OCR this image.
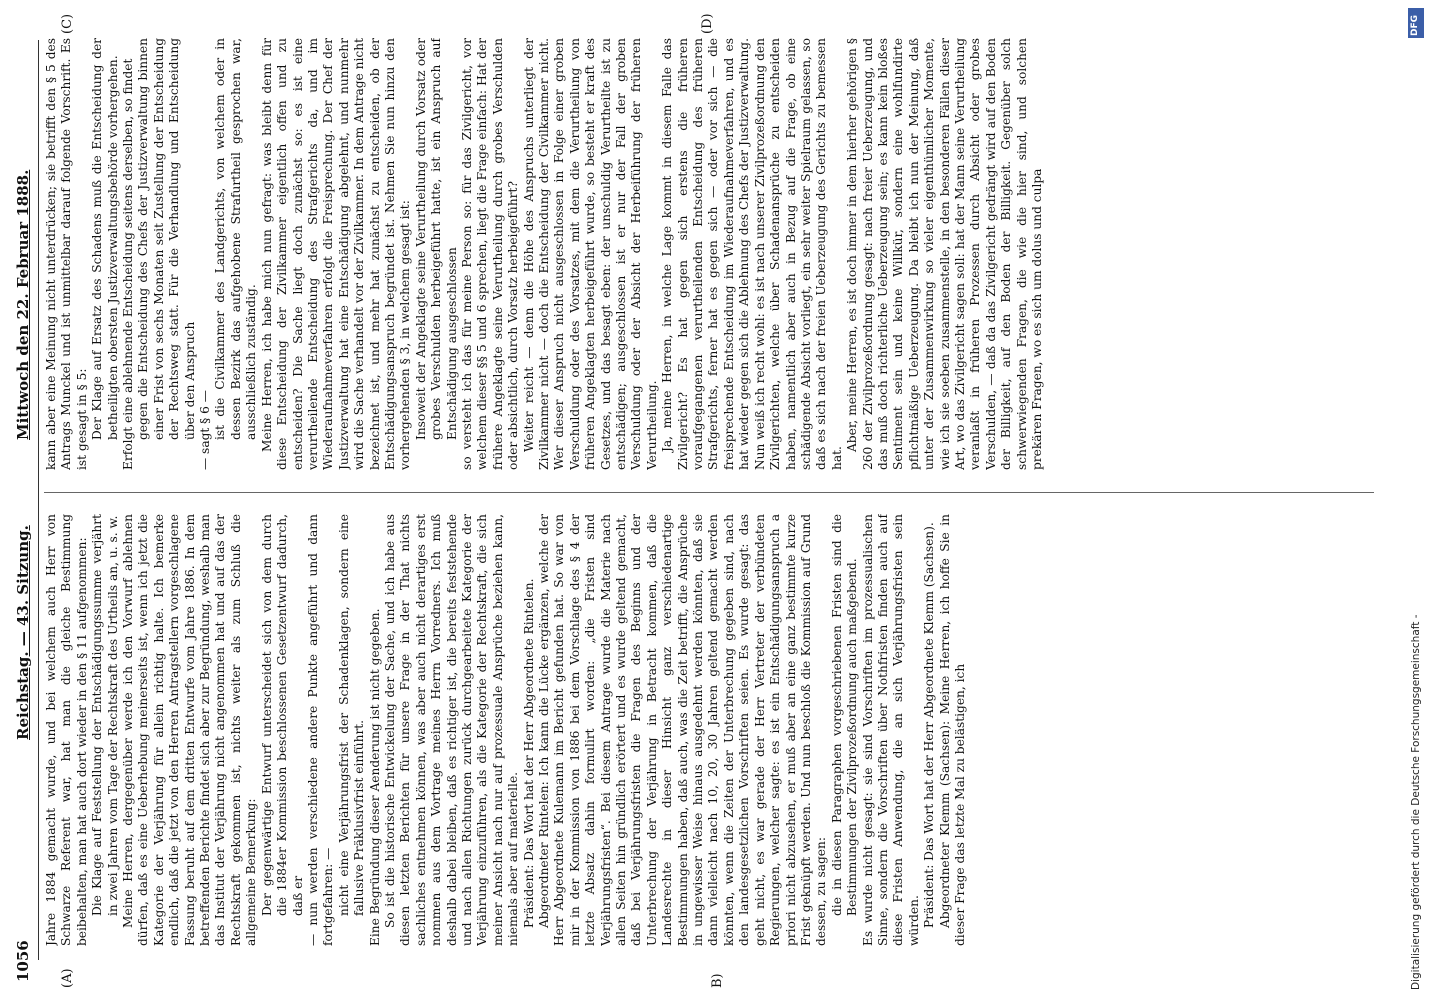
1056
Reichstag. — 43. Sitzung.
Mittwoch den 22. Februar 1888.
(A)	B)
(C)	(D)

Jahre 1884 gemacht wurde, und bei welchem auch Herr von Schwarze Referent war, hat man die gleiche Bestimmung beibehalten, man hat auch dort wieder in den § 11 aufgenommen: Die Klage auf Feststellung der Entschädigungssumme verjährt in zwei Jahren vom Tage der Rechtskraft des Urtheils an, u. s. w. Meine Herren, dergegenüber werde ich den Vorwurf ablehnen dürfen, daß es eine Ueberhebung meinerseits ist, wenn ich jetzt die Kategorie der Verjährung für allein richtig halte. Ich bemerke endlich, daß die jetzt von den Herren Antragstellern vorgeschlagene Fassung beruht auf dem dritten Entwurfe vom Jahre 1886. In dem betreffenden Berichte findet sich aber zur Begründung, weshalb man das Institut der Verjährung nicht angenommen hat und auf das der Rechtskraft gekommen ist, nichts weiter als zum Schluß die allgemeine Bemerkung: Der gegenwärtige Entwurf unterscheidet sich von dem durch die 1884er Kommission beschlossenen Gesetzentwurf dadurch, daß er — nun werden verschiedene andere Punkte angeführt und dann fortgefahren: — nicht eine Verjährungsfrist der Schadenklagen, sondern eine fallusive Präklusivfrist einführt. Eine Begründung dieser Aenderung ist nicht gegeben. So ist die historische Entwickelung der Sache, und ich habe aus diesen letzten Berichten für unsere Frage in der That nichts sachliches entnehmen können, was aber auch nicht derartiges erst nommen aus dem Vortrage meines Herrn Vorredners. Ich muß deshalb dabei bleiben, daß es richtiger ist, die bereits feststehende und nach allen Richtungen zurück durchgearbeitete Kategorie der Verjährung einzuführen, als die Kategorie der Rechtskraft, die sich meiner Ansicht nach nur auf prozessuale Ansprüche beziehen kann, niemals aber auf materielle. Präsident: Das Wort hat der Herr Abgeordnete Rintelen. Abgeordneter Rintelen: Ich kann die Lücke ergänzen, welche der Herr Abgeordnete Kulemann im Bericht gefunden hat. So war von mir in der Kommission von 1886 bei dem Vorschlage des § 4 der letzte Absatz dahin formulirt worden: „die Fristen sind Verjährungsfristen“. Bei diesem Antrage wurde die Materie nach allen Seiten hin gründlich erörtert und es wurde geltend gemacht, daß bei Verjährungsfristen die Fragen des Beginns und der Unterbrechung der Verjährung in Betracht kommen, daß die Landesrechte in dieser Hinsicht ganz verschiedenartige Bestimmungen haben, daß auch, was die Zeit betrifft, die Ansprüche in ungewisser Weise hinaus ausgedehnt werden könnten, daß sie dann vielleicht nach 10, 20, 30 Jahren geltend gemacht werden könnten, wenn die Zeiten der Unterbrechung gegeben sind, nach den landesgesetzlichen Vorschriften seien. Es wurde gesagt: das geht nicht, es war gerade der Herr Vertreter der verbündeten Regierungen, welcher sagte: es ist ein Entschädigungsanspruch a priori nicht abzusehen, er muß aber an eine ganz bestimmte kurze Frist geknüpft werden. Und nun beschloß die Kommission auf Grund dessen, zu sagen: die in diesen Paragraphen vorgeschriebenen Fristen sind die Bestimmungen der Zivilprozeßordnung auch maßgebend. Es wurde nicht gesagt: sie sind Vorschriften im prozessualischen Sinne, sondern die Vorschriften über Nothfristen finden auch auf diese Fristen Anwendung, die an sich Verjährungsfristen sein würden. Präsident: Das Wort hat der Herr Abgeordnete Klemm (Sachsen). Abgeordneter Klemm (Sachsen): Meine Herren, ich hoffe Sie in dieser Frage das letzte Mal zu belästigen, ich

kann aber eine Meinung nicht unterdrücken; sie betrifft den § 5 des Antrags Munckel und ist unmittelbar darauf folgende Vorschrift. Es ist gesagt in § 5: Der Klage auf Ersatz des Schadens muß die Entscheidung der betheiligten obersten Justizverwaltungsbehörde vorhergehen. Erfolgt eine ablehnende Entscheidung seitens derselben, so findet gegen die Entscheidung des Chefs der Justizverwaltung binnen einer Frist von sechs Monaten seit Zustellung der Entscheidung der Rechtsweg statt. Für die Verhandlung und Entscheidung über den Anspruch — sagt § 6 — ist die Civilkammer des Landgerichts, von welchem oder in dessen Bezirk das aufgehobene Strafurtheil gesprochen war, ausschließlich zuständig. Meine Herren, ich habe mich nun gefragt: was bleibt denn für diese Entscheidung der Zivilkammer eigentlich offen und zu entscheiden? Die Sache liegt doch zunächst so: es ist eine verurtheilende Entscheidung des Strafgerichts da, und im Wiederaufnahmeverfahren erfolgt die Freisprechung. Der Chef der Justizverwaltung hat eine Entschädigung abgelehnt, und nunmehr wird die Sache verhandelt vor der Zivilkammer. In dem Antrage nicht bezeichnet ist, und mehr hat zunächst zu entscheiden, ob der Entschädigungsanspruch begründet ist. Nehmen Sie nun hinzu den vorhergehenden § 3, in welchem gesagt ist: Insoweit der Angeklagte seine Verurtheilung durch Vorsatz oder grobes Verschulden herbeigeführt hatte, ist ein Anspruch auf Entschädigung ausgeschlossen so versteht ich das für meine Person so: für das Zivilgericht, vor welchem dieser §§ 5 und 6 sprechen, liegt die Frage einfach: Hat der frühere Angeklagte seine Verurtheilung durch grobes Verschulden oder absichtlich, durch Vorsatz herbeigeführt? Weiter reicht — denn die Höhe des Anspruchs unterliegt der Zivilkammer nicht — doch die Entscheidung der Civilkammer nicht. Wer dieser Anspruch nicht ausgeschlossen in Folge einer groben Verschuldung oder des Vorsatzes, mit dem die Verurtheilung von früheren Angeklagten herbeigeführt wurde, so besteht er kraft des Gesetzes, und das besagt eben: der unschuldig Verurtheilte ist zu entschädigen; ausgeschlossen ist er nur der Fall der groben Verschuldung oder der Absicht der Herbeiführung der früheren Verurtheilung. Ja, meine Herren, in welche Lage kommt in diesem Falle das Zivilgericht? Es hat gegen sich erstens die früheren voraufgegangenen verurtheilenden Entscheidung des früheren Strafgerichts, ferner hat es gegen sich — oder vor sich — die freisprechende Entscheidung im Wiederaufnahmeverfahren, und es hat wieder gegen sich die Ablehnung des Chefs der Justizverwaltung. Nun weiß ich recht wohl: es ist nach unserer Zivilprozeßordnung den Zivilgerichten, welche über Schadenansprüche zu entscheiden haben, namentlich aber auch in Bezug auf die Frage, ob eine schädigende Absicht vorliegt, ein sehr weiter Spielraum gelassen, so daß es sich nach der freien Ueberzeugung des Gerichts zu bemessen hat.

Aber, meine Herren, es ist doch immer in dem hierher gehörigen § 260 der Zivilprozeßordnung gesagt: nach freier Ueberzeugung, und das muß doch richterliche Ueberzeugung sein; es kann kein bloßes Sentiment sein und keine Willkür, sondern eine wohlfundirte pflichtmäßige Ueberzeugung. Da bleibt ich nun der Meinung, daß unter der Zusammenwirkung so vieler eigenthümlicher Momente, wie ich sie soeben zusammenstelle, in den besonderen Fällen dieser Art, wo das Zivilgericht sagen soll: hat der Mann seine Verurtheilung veranlaßt in früheren Prozessen durch Absicht oder grobes Verschulden, — daß da das Zivilgericht gedrängt wird auf den Boden der Billigkeit, auf den Boden der Billigkeit. Gegenüber solch schwerwiegenden Fragen, die wie die hier sind, und solchen prekären Fragen, wo es sich um dolus und culpa

DFG
Digitalisierung gefördert durch die Deutsche Forschungsgemeinschaft -
